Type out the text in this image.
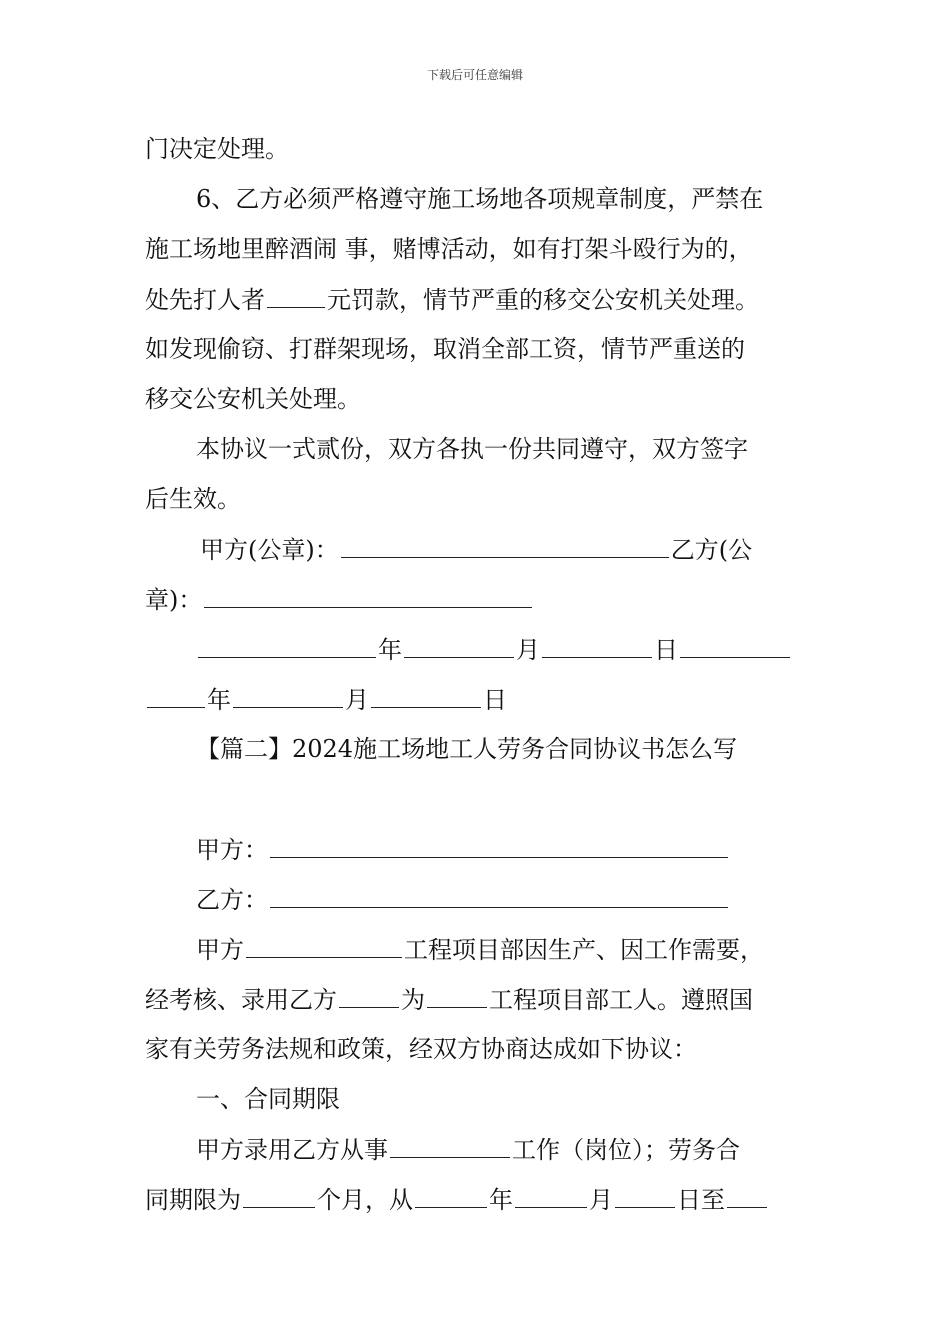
下载后可任意编辑
门决定处理。
6、乙方必须严格遵守施工场地各项规章制度，严禁在
施工场地里醉酒闹 事，赌博活动，如有打架斗殴行为的，
处先打人者	元罚款，情节严重的移交公安机关处理。
如发现偷窃、打群架现场，取消全部工资，情节严重送的
移交公安机关处理。
本协议一式贰份，双方各执一份共同遵守，双方签字
后生效。
甲方(公章)：	乙方(公
章)：
年	月	日
年	月	日
【篇二】2024施工场地工人劳务合同协议书怎么写
甲方：
乙方：
甲方	工程项目部因生产、因工作需要，
经考核、录用乙方	为	工程项目部工人。遵照国
家有关劳务法规和政策，经双方协商达成如下协议：
一、合同期限
甲方录用乙方从事	工作（岗位）；劳务合
同期限为	个月，从	年	月	日至
